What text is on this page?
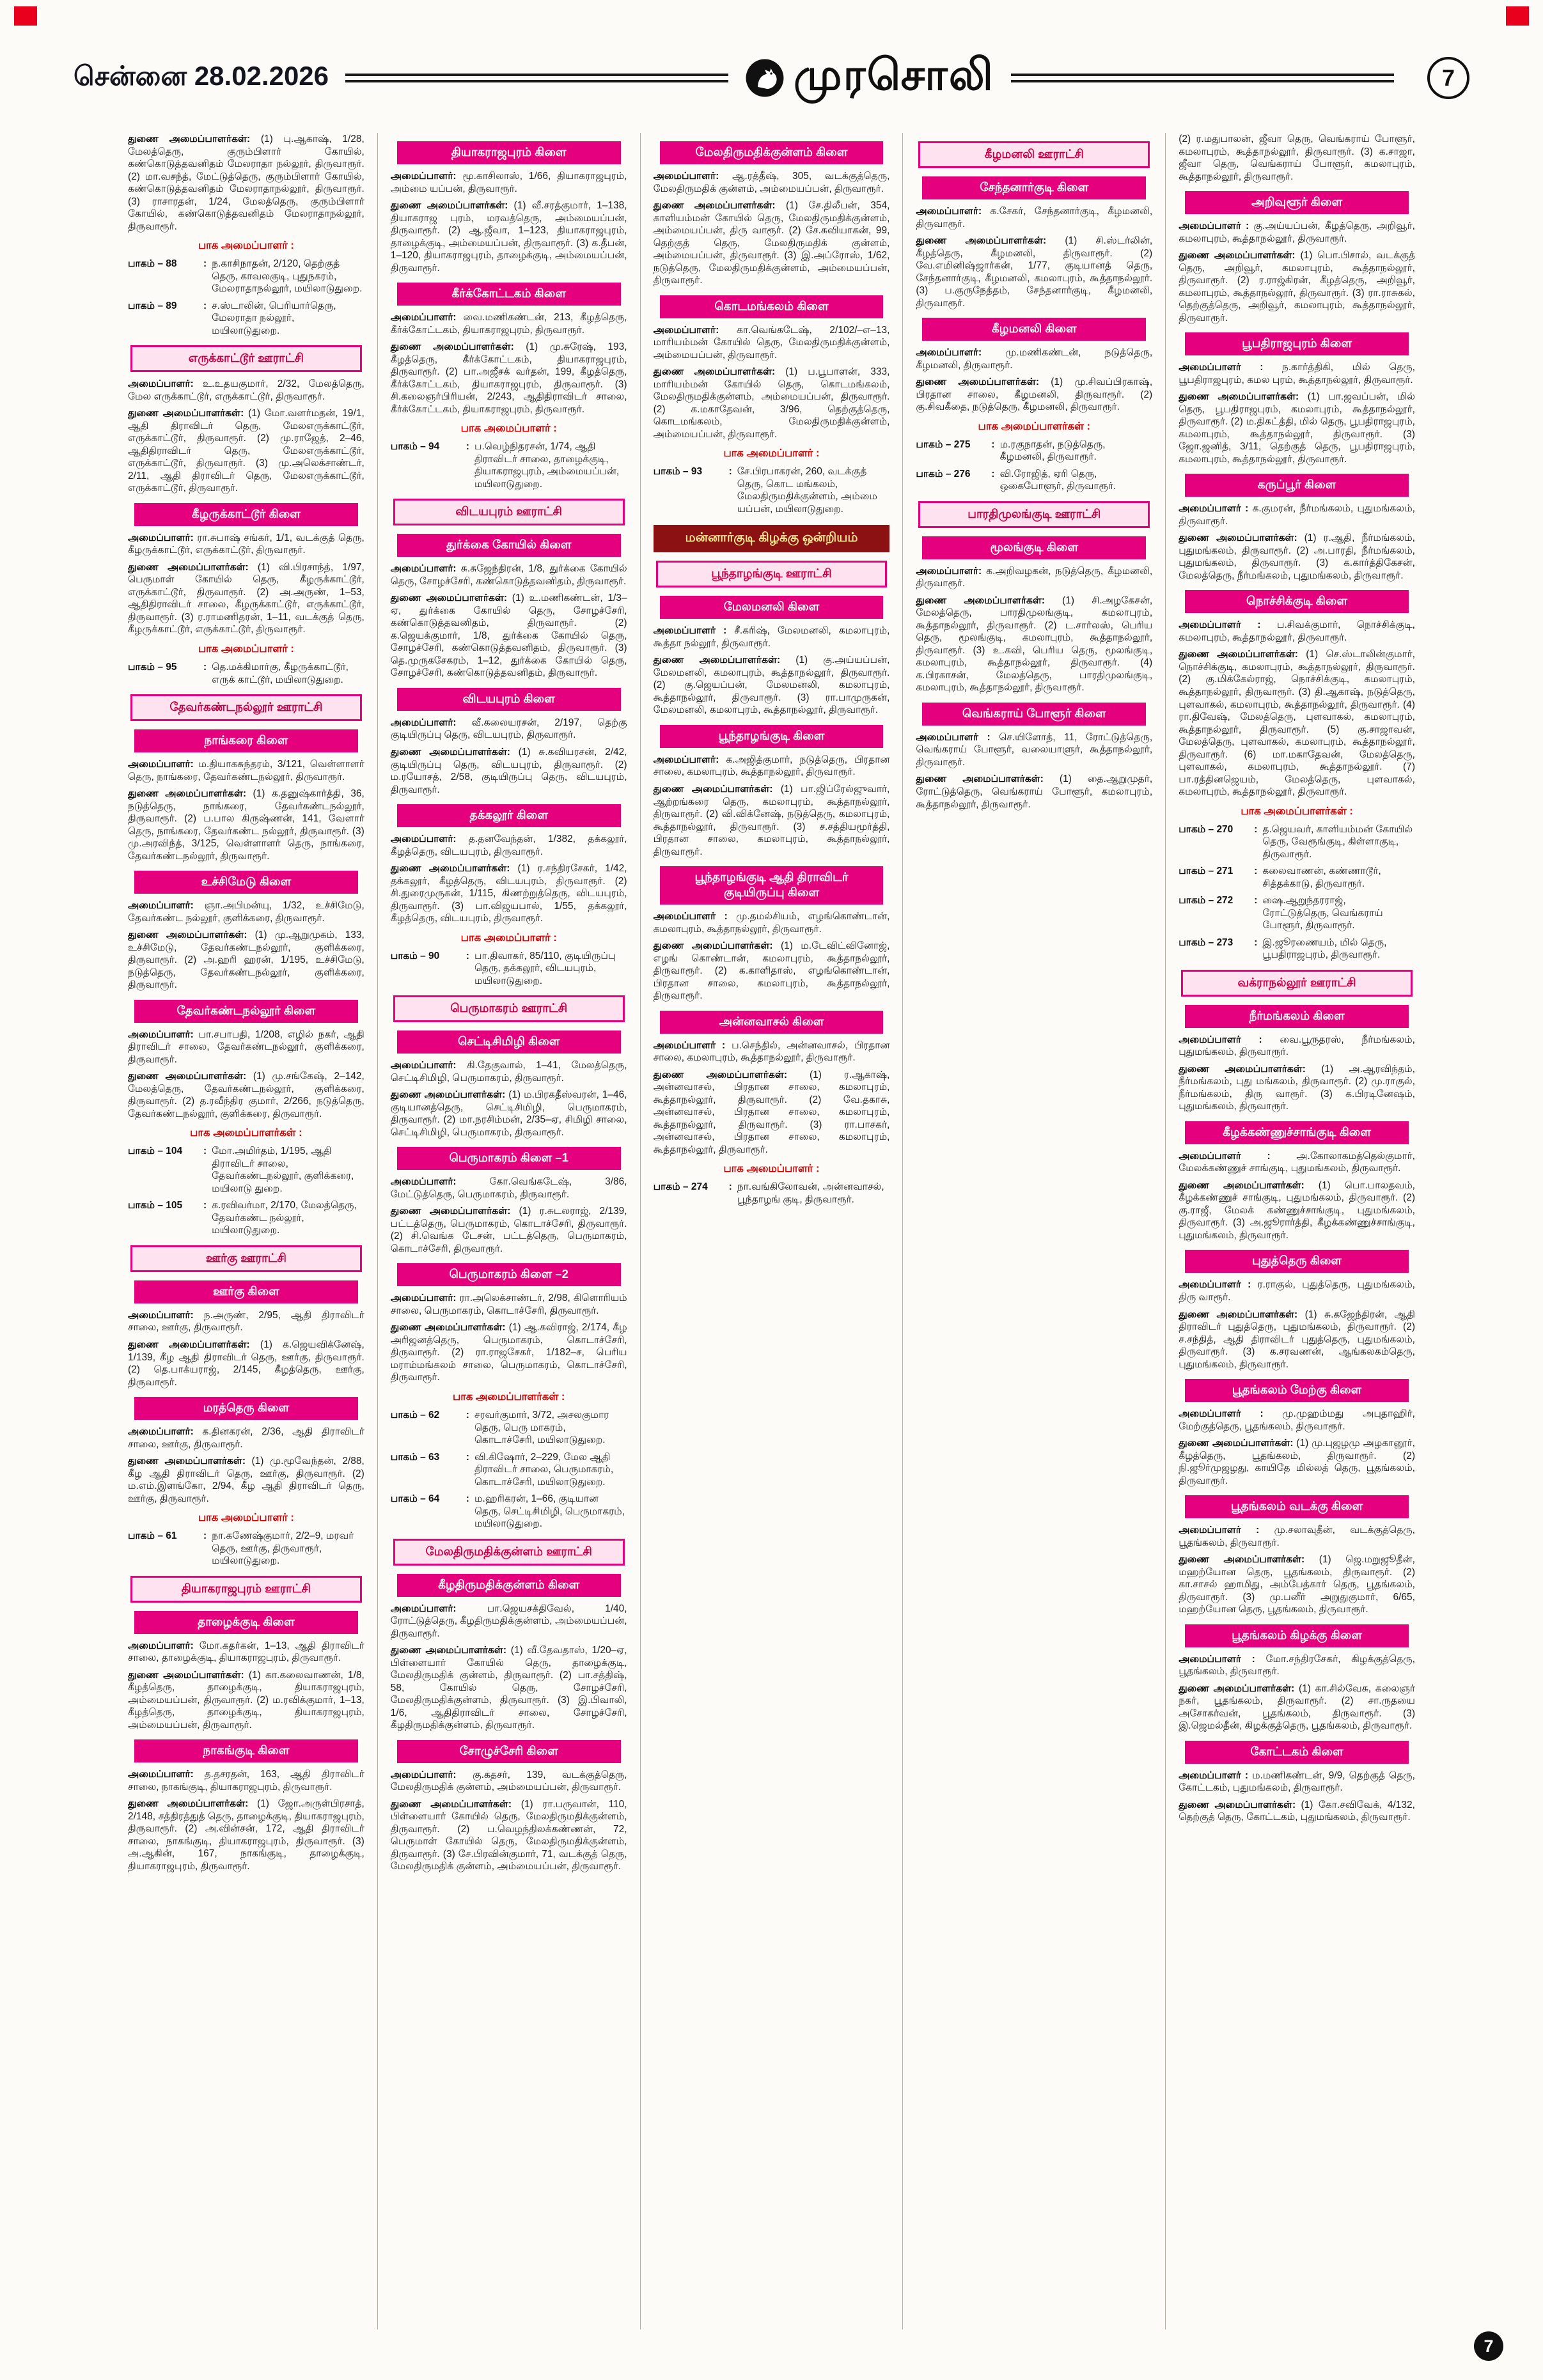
சென்னை 28.02.2026	முரசொலி	7

துணை அமைப்பாளர்கள்: (1) பு.ஆகாஷ், 1/28, மேலத்தெரு, குரும்பிளார் கோயில், கண்கொடுத்தவனிதம் மேலராதா நல்லூர், திருவாரூர். (2) மா.வசந்த், மேட்டுத்தெரு, குரும்பிளார் கோயில், கண்கொடுத்தவனிதம் மேலராதாநல்லூர், திருவாரூர். (3) ராசாரதன், 1/24, மேலத்தெரு, குரும்பிளார் கோயில், கண்கொடுத்தவனிதம் மேலராதாநல்லூர், திருவாரூர்.

பாக அமைப்பாளர் :
பாகம் – 88	: ந.காசிநாதன், 2/120, தெற்குத் தெரு, காவலகுடி, புதுநகரம், மேலராதாநல்லூர், மயிலாடுதுறை.
பாகம் – 89	: ச.ஸ்டாலின், பெரியார்தெரு, மேலராதா நல்லூர், மயிலாடுதுறை.
எருக்காட்டூர் ஊராட்சி

அமைப்பாளர்: உ.உதயகுமார், 2/32, மேலத்தெரு, மேல எருக்காட்டூர், எருக்காட்டூர், திருவாரூர்.

துணை அமைப்பாளர்கள்: (1) மோ.வளர்மதன், 19/1, ஆதி திராவிடர் தெரு, மேலஎருக்காட்டூர், எருக்காட்டூர், திருவாரூர். (2) மு.ராஜேத், 2–46, ஆதிதிராவிடர் தெரு, மேலஎருக்காட்டூர், எருக்காட்டூர், திருவாரூர். (3) மு.அலெக்சாண்டர், 2/11, ஆதி திராவிடர் தெரு, மேலஎருக்காட்டூர், எருக்காட்டூர், திருவாரூர்.

கீழருக்காட்டூர் கிளை

அமைப்பாளர்: ரா.சுபாஷ் சங்கர், 1/1, வடக்குத் தெரு, கீழருக்காட்டூர், எருக்காட்டூர், திருவாரூர்.

துணை அமைப்பாளர்கள்: (1) வி.பிரசாந்த், 1/97, பெருமாள் கோயில் தெரு, கீழருக்காட்டூர், எருக்காட்டூர், திருவாரூர். (2) அ.அருண், 1–53, ஆதிதிராவிடர் சாலை, கீழருக்காட்டூர், எருக்காட்டூர், திருவாரூர். (3) ர.ராமணிதரன், 1–11, வடக்குத் தெரு, கீழருக்காட்டூர், எருக்காட்டூர், திருவாரூர்.

பாக அமைப்பாளர் :
பாகம் – 95	: தெ.மக்கிமார்கு, கீழருக்காட்டூர், எருக் காட்டூர், மயிலாடுதுறை.
தேவர்கண்டநல்லூர் ஊராட்சி
நாங்கரை கிளை

அமைப்பாளர்: ம.தியாகசுந்தரம், 3/121, வெள்ளாளர் தெரு, நாங்கரை, தேவர்கண்டநல்லூர், திருவாரூர்.

துணை அமைப்பாளர்கள்: (1) க.தனுஷ்கார்த்தி, 36, நடுத்தெரு, நாங்கரை, தேவர்கண்டநல்லூர், திருவாரூர். (2) ப.பால கிருஷ்ணன், 141, வேளார் தெரு, நாங்கரை, தேவர்கண்ட நல்லூர், திருவாரூர். (3) மு.அரவிந்த், 3/125, வெள்ளாளர் தெரு, நாங்கரை, தேவர்கண்டநல்லூர், திருவாரூர்.

உச்சிமேடு கிளை

அமைப்பாளர்: ஞா.அபிமன்யு, 1/32, உச்சிமேடு, தேவர்கண்ட நல்லூர், குளிக்கரை, திருவாரூர்.

துணை அமைப்பாளர்கள்: (1) மு.ஆறுமுகம், 133, உச்சிமேடு, தேவர்கண்டநல்லூர், குளிக்கரை, திருவாரூர். (2) அ.ஹரி ஹரன், 1/195, உச்சிமேடு, நடுத்தெரு, தேவர்கண்டநல்லூர், குளிக்கரை, திருவாரூர்.

தேவர்கண்டநல்லூர் கிளை

அமைப்பாளர்: பா.சபாபதி, 1/208, எழில் நகர், ஆதி திராவிடர் சாலை, தேவர்கண்டநல்லூர், குளிக்கரை, திருவாரூர்.

துணை அமைப்பாளர்கள்: (1) மு.சங்கேஷ், 2–142, மேலத்தெரு, தேவர்கண்டநல்லூர், குளிக்கரை, திருவாரூர். (2) த.ரவீந்திர குமார், 2/266, நடுத்தெரு, தேவர்கண்டநல்லூர், குளிக்கரை, திருவாரூர்.

பாக அமைப்பாளர்கள் :
பாகம் – 104	: மோ.அமிர்தம், 1/195, ஆதி திராவிடர் சாலை, தேவர்கண்டநல்லூர், குளிக்கரை, மயிலாடு துறை.
பாகம் – 105	: க.ரவிவர்மா, 2/170, மேலத்தெரு, தேவர்கண்ட நல்லூர், மயிலாடுதுறை.
ஊர்கு ஊராட்சி
ஊர்கு கிளை

அமைப்பாளர்: ந.அருண், 2/95, ஆதி திராவிடர் சாலை, ஊர்கு, திருவாரூர்.

துணை அமைப்பாளர்கள்: (1) க.ஜெயவிக்னேஷ், 1/139, கீழ ஆதி திராவிடர் தெரு, ஊர்கு, திருவாரூர். (2) தெ.பாக்யராஜ், 2/145, கீழத்தெரு, ஊர்கு, திருவாரூர்.

மரத்தெரு கிளை

அமைப்பாளர்: க.தினகரன், 2/36, ஆதி திராவிடர் சாலை, ஊர்கு, திருவாரூர்.

துணை அமைப்பாளர்கள்: (1) மு.மூவேந்தன், 2/88, கீழ ஆதி திராவிடர் தெரு, ஊர்கு, திருவாரூர். (2) ம.எம்.இளங்கோ, 2/94, கீழ ஆதி திராவிடர் தெரு, ஊர்கு, திருவாரூர்.

பாக அமைப்பாளர் :
பாகம் – 61	: நா.கணேஷ்குமார், 2/2–9, மரவர் தெரு, ஊர்கு, திருவாரூர், மயிலாடுதுறை.
தியாகராஜபுரம் ஊராட்சி
தாழைக்குடி கிளை

அமைப்பாளர்: மோ.கதர்கன், 1–13, ஆதி திராவிடர் சாலை, தாழைக்குடி, தியாகராஜபுரம், திருவாரூர்.

துணை அமைப்பாளர்கள்: (1) கா.கலைவாணன், 1/8, கீழத்தெரு, தாழைக்குடி, தியாகராஜபுரம், அம்மையப்பன், திருவாரூர். (2) ம.ரவிக்குமார், 1–13, கீழத்தெரு, தாழைக்குடி, தியாகராஜபுரம், அம்மையப்பன், திருவாரூர்.

நாகங்குடி கிளை

அமைப்பாளர்: த.தசரதன், 163, ஆதி திராவிடர் சாலை, நாகங்குடி, தியாகராஜபுரம், திருவாரூர்.

துணை அமைப்பாளர்கள்: (1) ஜோ.அருள்பிரசாத், 2/148, சத்திரத்துத் தெரு, தாழைக்குடி, தியாகராஜபுரம், திருவாரூர். (2) அ.வின்சன், 172, ஆதி திராவிடர் சாலை, நாகங்குடி, தியாகராஜபுரம், திருவாரூர். (3) அ.ஆகின், 167, நாகங்குடி, தாழைக்குடி, தியாகராஜபுரம், திருவாரூர்.

தியாகராஜபுரம் கிளை

அமைப்பாளர்: மூ.காசிலாஸ், 1/66, தியாகராஜபுரம், அம்மை யப்பன், திருவாரூர்.

துணை அமைப்பாளர்கள்: (1) வீ.சரத்குமார், 1–138, தியாகராஜ புரம், மரவத்தெரு, அம்மையப்பன், திருவாரூர். (2) ஆ.ஜீவா, 1–123, தியாகராஜபுரம், தாழைக்குடி, அம்மையப்பன், திருவாரூர். (3) க.தீபன், 1–120, தியாகராஜபுரம், தாழைக்குடி, அம்மையப்பன், திருவாரூர்.

கீர்க்கோட்டகம் கிளை

அமைப்பாளர்: வை.மணிகண்டன், 213, கீழத்தெரு, கீர்க்கோட்டகம், தியாகராஜபுரம், திருவாரூர்.

துணை அமைப்பாளர்கள்: (1) மு.சுரேஷ், 193, கீழத்தெரு, கீர்க்கோட்டகம், தியாகராஜபுரம், திருவாரூர். (2) பா.அஜீசக் வர்தன், 199, கீழத்தெரு, கீர்க்கோட்டகம், தியாகராஜபுரம், திருவாரூர். (3) சி.கலைஞர்பிரியன், 2/243, ஆதிதிராவிடர் சாலை, கீர்க்கோட்டகம், தியாகராஜபுரம், திருவாரூர்.

பாக அமைப்பாளர் :
பாகம் – 94	: ப.வெழ்நிதரசன், 1/74, ஆதி திராவிடர் சாலை, தாழைக்குடி, தியாகராஜபுரம், அம்மையப்பன், மயிலாடுதுறை.
விடயபுரம் ஊராட்சி
துர்க்கை கோயில் கிளை

அமைப்பாளர்: சு.சுஜேந்திரன், 1/8, துர்க்கை கோயில் தெரு, சோழச்சேரி, கண்கொடுத்தவனிதம், திருவாரூர்.

துணை அமைப்பாளர்கள்: (1) உ.மணிகண்டன், 1/3–ஏ, துர்க்கை கோயில் தெரு, சோழச்சேரி, கண்கொடுத்தவனிதம், திருவாரூர். (2) க.ஜெயக்குமார், 1/8, துர்க்கை கோயில் தெரு, சோழச்சேரி, கண்கொடுத்தவனிதம், திருவாரூர். (3) தெ.முருகசேகரம், 1–12, துர்க்கை கோயில் தெரு, சோழச்சேரி, கண்கொடுத்தவனிதம், திருவாரூர்.

விடயபுரம் கிளை

அமைப்பாளர்: வீ.கலையரசன், 2/197, தெற்கு குடியிருப்பு தெரு, விடயபுரம், திருவாரூர்.

துணை அமைப்பாளர்கள்: (1) சு.கவியரசன், 2/42, குடியிருப்பு தெரு, விடயபுரம், திருவாரூர். (2) ம.ரயோசத், 2/58, குடியிருப்பு தெரு, விடயபுரம், திருவாரூர்.

தக்கலூர் கிளை

அமைப்பாளர்: த.தனவேந்தன், 1/382, தக்கலூர், கீழத்தெரு, விடயபுரம், திருவாரூர்.

துணை அமைப்பாளர்கள்: (1) ர.சந்திரசேகர், 1/42, தக்கலூர், கீழத்தெரு, விடயபுரம், திருவாரூர். (2) சி.துரைமுருகன், 1/115, கிணற்றுத்தெரு, விடயபுரம், திருவாரூர். (3) பா.விஜயபால், 1/55, தக்கலூர், கீழத்தெரு, விடயபுரம், திருவாரூர்.

பாக அமைப்பாளர் :
பாகம் – 90	: பா.திவாகர், 85/110, குடியிருப்பு தெரு, தக்கலூர், விடயபுரம், மயிலாடுதுறை.
பெருமாகரம் ஊராட்சி
செட்டிசிமிழி கிளை

அமைப்பாளர்: கி.தேகுவால், 1–41, மேலத்தெரு, செட்டிசிமிழி, பெருமாகரம், திருவாரூர்.

துணை அமைப்பாளர்கள்: (1) ம.பிரகதீஸ்வரன், 1–46, குடியானத்தெரு, செட்டிசிமிழி, பெருமாகரம், திருவாரூர். (2) மா.நரசிம்மன், 2/35–ஏ, சிமிழி சாலை, செட்டிசிமிழி, பெருமாகரம், திருவாரூர்.

பெருமாகரம் கிளை –1

அமைப்பாளர்:	கோ.வெங்கடேஷ், 3/86, மேட்டுத்தெரு, பெருமாகரம், திருவாரூர்.

துணை அமைப்பாளர்கள்: (1) ர.சுடலராஜ், 2/139, பட்டத்தெரு, பெருமாகரம், கொடாச்சேரி, திருவாரூர். (2) சி.வெங்க டேசன், பட்டத்தெரு, பெருமாகரம், கொடாச்சேரி, திருவாரூர்.

பெருமாகரம் கிளை –2

அமைப்பாளர்: ரா.அலெக்சாண்டர், 2/98, கிளொரியம் சாலை, பெருமாகரம், கொடாச்சேரி, திருவாரூர்.

துணை அமைப்பாளர்கள்: (1) ஆ.கவிராஜ், 2/174, கீழ அரிஜனத்தெரு, பெருமாகரம், கொடாச்சேரி, திருவாரூர். (2) ரா.ராஜசேகர், 1/182–ச, பெரிய மராம்மங்கலம் சாலை, பெருமாகரம், கொடாச்சேரி, திருவாரூர்.

பாக அமைப்பாளர்கள் :
பாகம் – 62	: சரவர்குமார், 3/72, அசலகுமார தெரு, பெரு மாகரம், கொடாச்சேரி, மயிலாடுதுறை.
பாகம் – 63	: வி.கிஷோர், 2–229, மேல ஆதி திராவிடர் சாலை, பெருமாகரம், கொடாச்சேரி, மயிலாடுதுறை.
பாகம் – 64	: ம.ஹரிகரன், 1–66, குடியான தெரு, செட்டிசிமிழி, பெருமாகரம், மயிலாடுதுறை.
மேலதிருமதிக்குன்ளம் ஊராட்சி
கீழதிருமதிக்குன்ளம் கிளை

அமைப்பாளர்:	பா.ஜெயசக்திவேல், 1/40, ரோட்டுத்தெரு, கீழதிருமதிக்குன்ளம், அம்மையப்பன், திருவாரூர்.

துணை அமைப்பாளர்கள்: (1) வீ.தேவதாஸ், 1/20–ஏ, பிள்ளையார் கோயில் தெரு, தாழைக்குடி, மேலதிருமதிக் குன்ளம், திருவாரூர். (2) பா.சத்திஷ், 58, கோயில் தெரு, சோழச்சேரி, மேலதிருமதிக்குன்ளம், திருவாரூர். (3) இ.பிவாலி, 1/6, ஆதிதிராவிடர் சாலை, சோழச்சேரி, கீழதிருமதிக்குன்ளம், திருவாரூர்.

சோழுச்சேரி கிளை

அமைப்பாளர்: கு.கதசர், 139, வடக்குத்தெரு, மேலதிருமதிக் குன்ளம், அம்மையப்பன், திருவாரூர்.

துணை அமைப்பாளர்கள்: (1) ரா.பருவான், 110, பிள்ளையார் கோயில் தெரு, மேலதிருமதிக்குன்ளம், திருவாரூர். (2) ப.வெழந்திலக்கண்ணன், 72, பெருமாள் கோயில் தெரு, மேலதிருமதிக்குன்ளம், திருவாரூர். (3) சே.பிரவின்குமார், 71, வடக்குத் தெரு, மேலதிருமதிக் குன்ளம், அம்மையப்பன், திருவாரூர்.

மேலதிருமதிக்குன்ளம் கிளை

அமைப்பாளர்: ஆ.ரத்தீஷ், 305, வடக்குத்தெரு, மேலதிருமதிக் குன்ளம், அம்மையப்பன், திருவாரூர்.

துணை அமைப்பாளர்கள்: (1) சே.திலீபன், 354, காளியம்மன் கோயில் தெரு, மேலதிருமதிக்குன்ளம், அம்மையப்பன், திரு வாரூர். (2) சே.சுவியாகன், 99, தெற்குத் தெரு, மேலதிருமதிக் குன்ளம், அம்மையப்பன், திருவாரூர். (3) இ.அப்ரோஸ், 1/62, நடுத்தெரு, மேலதிருமதிக்குன்ளம், அம்மையப்பன், திருவாரூர்.

கொடமங்கலம் கிளை

அமைப்பாளர்: கா.வெங்கடேஷ், 2/102/–எ–13, மாரியம்மன் கோயில் தெரு, மேலதிருமதிக்குன்ளம், அம்மையப்பன், திருவாரூர்.

துணை அமைப்பாளர்கள்: (1) ப.பூபாளன், 333, மாரியம்மன் கோயில் தெரு, கொடமங்கலம், மேலதிருமதிக்குன்ளம், அம்மையப்பன், திருவாரூர். (2) க.மகாதேவன், 3/96, தெற்குத்தெரு, கொடமங்கலம், மேலதிருமதிக்குன்ளம், அம்மையப்பன், திருவாரூர்.

பாக அமைப்பாளர் :
பாகம் – 93	: சே.பிரபாகரன், 260, வடக்குத் தெரு, கொட மங்கலம், மேலதிருமதிக்குன்ளம், அம்மை யப்பன், மயிலாடுதுறை.
மன்னார்குடி கிழக்கு ஒன்றியம்
பூந்தாழங்குடி ஊராட்சி
மேலமனலி கிளை

அமைப்பாளர் : சீ.கரிஷ், மேலமனலி, கமலாபுரம், கூத்தா நல்லூர், திருவாரூர்.

துணை அமைப்பாளர்கள்: (1) கு.அய்யப்பன், மேலமனலி, கமலாபுரம், கூத்தாநல்லூர், திருவாரூர். (2) கு.ஜெயப்பன், மேலமனலி, கமலாபுரம், கூத்தாநல்லூர், திருவாரூர். (3) ரா.பாமுருகன், மேலமனலி, கமலாபுரம், கூத்தாநல்லூர், திருவாரூர்.

பூந்தாழங்குடி கிளை

அமைப்பாளர்: க.அஜித்குமார், நடுத்தெரு, பிரதான சாலை, கமலாபுரம், கூத்தாநல்லூர், திருவாரூர்.

துணை அமைப்பாளர்கள்: (1) பா.ஜிப்ரேல்ஜுவார், ஆற்றங்கரை தெரு, கமலாபுரம், கூத்தாநல்லூர், திருவாரூர். (2) வி.விக்னேஷ், நடுத்தெரு, கமலாபுரம், கூத்தாநல்லூர், திருவாரூர். (3) ச.சத்தியமூர்த்தி, பிரதான சாலை, கமலாபுரம், கூத்தாநல்லூர், திருவாரூர்.

பூந்தாழங்குடி ஆதி திராவிடர் குடியிருப்பு கிளை

அமைப்பாளர் : மு.தமல்சியம், எழங்கொண்டான், கமலாபுரம், கூத்தாநல்லூர், திருவாரூர்.

துணை அமைப்பாளர்கள்: (1) ம.டேவிட்வினோஜ், எழங் கொண்டான், கமலாபுரம், கூத்தாநல்லூர், திருவாரூர். (2) க.காளிதாஸ், எழங்கொண்டான், பிரதான சாலை, கமலாபுரம், கூத்தாநல்லூர், திருவாரூர்.

அன்னவாசல் கிளை

அமைப்பாளர் : ப.செந்தில், அன்னவாசல், பிரதான சாலை, கமலாபுரம், கூத்தாநல்லூர், திருவாரூர்.

துணை அமைப்பாளர்கள்: (1) ர.ஆகாஷ், அன்னவாசல், பிரதான சாலை, கமலாபுரம், கூத்தாநல்லூர், திருவாரூர். (2) வே.தகாசு, அன்னவாசல், பிரதான சாலை, கமலாபுரம், கூத்தாநல்லூர், திருவாரூர். (3) ரா.பாசகர், அன்னவாசல், பிரதான சாலை, கமலாபுரம், கூத்தாநல்லூர், திருவாரூர்.

பாக அமைப்பாளர் :
பாகம் – 274	: நா.வங்கிலோவன், அன்னவாசல், பூந்தாழங் குடி, திருவாரூர்.
கீழமனலி ஊராட்சி
சேந்தனார்குடி கிளை

அமைப்பாளர்: க.சேகர், சேந்தனார்குடி, கீழமனலி, திருவாரூர்.

துணை அமைப்பாளர்கள்: (1) சி.ஸ்டர்லின், கீழத்தெரு, கீழமனலி, திருவாரூர். (2) வே.எமினிஷ்ஜார்கன், 1/77, குடியானத் தெரு, சேந்தனார்குடி, கீழமனலி, கமலாபுரம், கூத்தாநல்லூர். (3) ப.குருநேத்தம், சேந்தனார்குடி, கீழமனலி, திருவாரூர்.

கீழமனலி கிளை

அமைப்பாளர்: மு.மணிகண்டன், நடுத்தெரு, கீழமனலி, திருவாரூர்.

துணை அமைப்பாளர்கள்: (1) மு.சிவப்பிரகாஷ், பிரதான சாலை, கீழமனலி, திருவாரூர். (2) கு.சிவகீதை, நடுத்தெரு, கீழமனலி, திருவாரூர்.

பாக அமைப்பாளர்கள் :
பாகம் – 275	: ம.ரகுநாதன், நடுத்தெரு, கீழமனலி, திருவாரூர்.
பாகம் – 276	: வி.ரோஜித், ஏரி தெரு, ஒகைபோளூர், திருவாரூர்.
பாரதிமுலங்குடி ஊராட்சி
மூலங்குடி கிளை

அமைப்பாளர்: க.அறிவழகன், நடுத்தெரு, கீழமனலி, திருவாரூர்.

துணை அமைப்பாளர்கள்: (1) சி.அழகேசன், மேலத்தெரு, பாரதிமுலங்குடி, கமலாபுரம், கூத்தாநல்லூர், திருவாரூர். (2) ட.சார்லஸ், பெரிய தெரு, மூலங்குடி, கமலாபுரம், கூத்தாநல்லூர், திருவாரூர். (3) உ.கவி, பெரிய தெரு, மூலங்குடி, கமலாபுரம், கூத்தாநல்லூர், திருவாரூர். (4) க.பிரகாசன், மேலத்தெரு, பாரதிமுலங்குடி, கமலாபுரம், கூத்தாநல்லூர், திருவாரூர்.

வெங்கராய் போளூர் கிளை

அமைப்பாளர் : செ.யிளோத், 11, ரோட்டுத்தெரு, வெங்கராய் போளூர், வலையாளுர், கூத்தாநல்லூர், திருவாரூர்.

துணை அமைப்பாளர்கள்: (1) தை.ஆறுமுதர், ரோட்டுத்தெரு, வெங்கராய் போளூர், கமலாபுரம், கூத்தாநல்லூர், திருவாரூர்.

(2) ர.மதுபாலன், ஜீவா தெரு, வெங்கராய் போளூர், கமலாபுரம், கூத்தாநல்லூர், திருவாரூர். (3) க.சாஜா, ஜீவா தெரு, வெங்கராய் போளூர், கமலாபுரம், கூத்தாநல்லூர், திருவாரூர்.

அறிவுளூர் கிளை

அமைப்பாளர் : கு.அய்யப்பன், கீழத்தெரு, அறிவூர், கமலாபுரம், கூத்தாநல்லூர், திருவாரூர்.

துணை அமைப்பாளர்கள்: (1) பொ.பிசால், வடக்குத் தெரு, அறிவூர், கமலாபுரம், கூத்தாநல்லூர், திருவாரூர். (2) ர.ராஜ்கிரன், கீழத்தெரு, அறிவூர், கமலாபுரம், கூத்தாநல்லூர், திருவாரூர். (3) ரா.ராசுகல், தெற்குத்தெரு, அறிவூர், கமலாபுரம், கூத்தாநல்லூர், திருவாரூர்.

பூபதிராஜபுரம் கிளை

அமைப்பாளர் : ந.கார்த்திகி, மில் தெரு, பூபதிராஜபுரம், கமல புரம், கூத்தாநல்லூர், திருவாரூர்.

துணை அமைப்பாளர்கள்: (1) பா.ஜவப்பன், மில் தெரு, பூபதிராஜபுரம், கமலாபுரம், கூத்தாநல்லூர், திருவாரூர். (2) ம.திகட்த்தி, மில் தெரு, பூபதிராஜபுரம், கமலாபுரம், கூத்தாநல்லூர், திருவாரூர். (3) ஜோ.ஜனித், 3/11, தெற்குத் தெரு, பூபதிராஜபுரம், கமலாபுரம், கூத்தாநல்லூர், திருவாரூர்.

கருப்பூர் கிளை

அமைப்பாளர் : க.குமரன், நீர்மங்கலம், புதுமங்கலம், திருவாரூர்.

துணை அமைப்பாளர்கள்: (1) ர.ஆதி, நீர்மங்கலம், புதுமங்கலம், திருவாரூர். (2) அ.பாரதி, நீர்மங்கலம், புதுமங்கலம், திருவாரூர். (3) க.கார்த்திகேசன், மேலத்தெரு, நீர்மங்கலம், புதுமங்கலம், திருவாரூர்.

நொச்சிக்குடி கிளை

அமைப்பாளர் : ப.சிவக்குமார், நொச்சிக்குடி, கமலாபுரம், கூத்தாநல்லூர், திருவாரூர்.

துணை அமைப்பாளர்கள்: (1) செ.ஸ்டாலின்குமார், நொச்சிக்குடி, கமலாபுரம், கூத்தாநல்லூர், திருவாரூர். (2) கு.மிக்கேல்ராஜ், நொச்சிக்குடி, கமலாபுரம், கூத்தாநல்லூர், திருவாரூர். (3) தி.ஆகாஷ், நடுத்தெரு, புளவாகல், கமலாபுரம், கூத்தாநல்லூர், திருவாரூர். (4) ரா.திவேஷ், மேலத்தெரு, புளவாகல், கமலாபுரம், கூத்தாநல்லூர், திருவாரூர். (5) கு.சாஜாவன், மேலத்தெரு, புளவாகல், கமலாபுரம், கூத்தாநல்லூர், திருவாரூர். (6) மா.மகாதேவன், மேலத்தெரு, புளவாகல், கமலாபுரம், கூத்தாநல்லூர். (7) பா.ரத்தினஜெயம், மேலத்தெரு, புளவாகல், கமலாபுரம், கூத்தாநல்லூர், திருவாரூர்.

பாக அமைப்பாளர்கள் :
பாகம் – 270	: த.ஜெயவர், காளியம்மன் கோயில் தெரு, வேரூங்குடி, கிள்ளாகுடி, திருவாரூர்.
பாகம் – 271	: கலைவாணன், கண்ணாடூர், சித்தக்காடு, திருவாரூர்.
பாகம் – 272	: ஷை.ஆறுந்தரராஜ், ரோட்டுத்தெரு, வெங்கராய் போளூர், திருவாரூர்.
பாகம் – 273	: இ.ஜூரணையம், மில் தெரு, பூபதிராஜபுரம், திருவாரூர்.
வக்ராநல்லூர் ஊராட்சி
நீர்மங்கலம் கிளை

அமைப்பாளர் : வை.பூருதரஸ், நீர்மங்கலம், புதுமங்கலம், திருவாரூர்.

துணை அமைப்பாளர்கள்: (1) அ.ஆரவிந்தம், நீர்மங்கலம், புது மங்கலம், திருவாரூர். (2) மு.ராகுல், நீர்மங்கலம், திரு வாரூர். (3) க.பிரடினேஷம், புதுமங்கலம், திருவாரூர்.

கீழக்கண்ணுச்சாங்குடி கிளை

அமைப்பாளர் :	அ.கோலாகமத்தெல்குமார், மேலக்கண்ணுச் சாங்குடி, புதுமங்கலம், திருவாரூர்.

துணை அமைப்பாளர்கள்: (1) பொ.பாலதவம், கீழக்கண்ணுச் சாங்குடி, புதுமங்கலம், திருவாரூர். (2) கு.ராஜீ, மேலக் கண்ணுச்சாங்குடி, புதுமங்கலம், திருவாரூர். (3) அ.ஜூரார்த்தி, கீழக்கண்ணுச்சாங்குடி, புதுமங்கலம், திருவாரூர்.

புதுத்தெரு கிளை

அமைப்பாளர் : ர.ராகுல், புதுத்தெரு, புதுமங்கலம், திரு வாரூர்.

துணை அமைப்பாளர்கள்: (1) சு.கஜேந்திரன், ஆதி திராவிடர் புதுத்தெரு, புதுமங்கலம், திருவாரூர். (2) ச.சந்தித், ஆதி திராவிடர் புதுத்தெரு, புதுமங்கலம், திருவாரூர். (3) க.சரவணன், ஆங்கலகம்தெரு, புதுமங்கலம், திருவாரூர்.

பூதங்கலம் மேற்கு கிளை

அமைப்பாளர் : மு.முஹம்மது அபுதாஹிர், மேற்குத்தெரு, பூதங்கலம், திருவாரூர்.

துணை அமைப்பாளர்கள்: (1) மு.புஜழமு அழகானூர், கீழத்தெரு, பூதங்கலம், திருவாரூர். (2) நி.ஜூர்முஜழது, காயிதே மில்லத் தெரு, பூதங்கலம், திருவாரூர்.

பூதங்கலம் வடக்கு கிளை

அமைப்பாளர் : மு.சலாவுதீன், வடக்குத்தெரு, பூதங்கலம், திருவாரூர்.

துணை அமைப்பாளர்கள்: (1) ஜெ.மறுஜூதீன், மஹற்யோன தெரு, பூதங்கலம், திருவாரூர். (2) கா.சாசல் ஹாமிது, அம்பேத்கார் தெரு, பூதங்கலம், திருவாரூர். (3) மு.பனீர் அறுதுகுமார், 6/65, மஹற்யோன தெரு, பூதங்கலம், திருவாரூர்.

பூதங்கலம் கிழக்கு கிளை

அமைப்பாளர் : மோ.சந்திரசேகர், கிழக்குத்தெரு, பூதங்கலம், திருவாரூர்.

துணை அமைப்பாளர்கள்: (1) கா.சில்வேசு, கலைஞர் நகர், பூதங்கலம், திருவாரூர். (2) சா.ருதயை அசோகர்வன், பூதங்கலம், திருவாரூர். (3) இ.ஜெமல்தீன், கிழக்குத்தெரு, பூதங்கலம், திருவாரூர்.

கோட்டகம் கிளை

அமைப்பாளர் : ம.மணிகண்டன், 9/9, தெற்குத் தெரு, கோட்டகம், புதுமங்கலம், திருவாரூர்.

துணை அமைப்பாளர்கள்: (1) கோ.சவிவேக், 4/132, தெற்குத் தெரு, கோட்டகம், புதுமங்கலம், திருவாரூர்.

7
